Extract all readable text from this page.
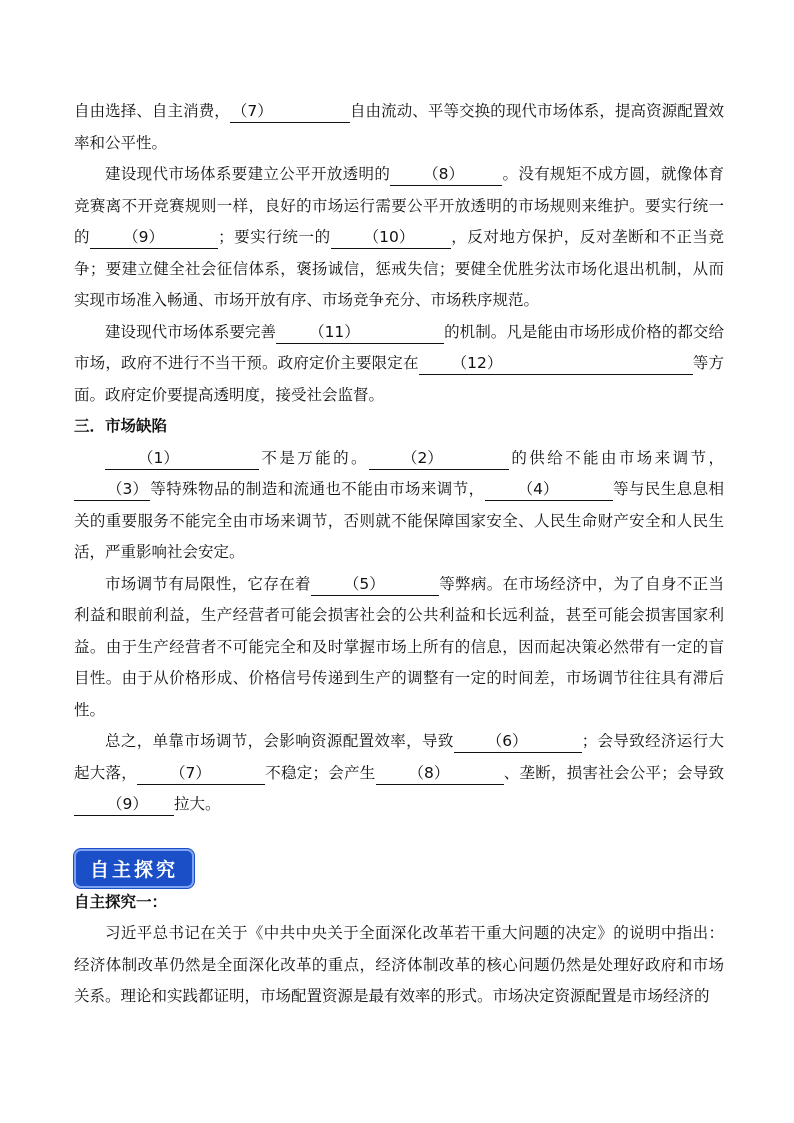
自由选择、自主消费， （7）	自由流动、平等交换的现代市场体系，提高资源配置效率和公平性。

建设现代市场体系要建立公平开放透明的 （8） 。没有规矩不成方圆，就像体育竞赛离不开竞赛规则一样，良好的市场运行需要公平开放透明的市场规则来维护。要实行统一的 （9）	；要实行统一的 （10） ，反对地方保护，反对垄断和不正当竞争；要建立健全社会征信体系，褒扬诚信，惩戒失信；要健全优胜劣汰市场化退出机制，从而实现市场准入畅通、市场开放有序、市场竞争充分、市场秩序规范。

建设现代市场体系要完善 （11）	的机制。凡是能由市场形成价格的都交给市场，政府不进行不当干预。政府定价主要限定在 （12）	等方面。政府定价要提高透明度，接受社会监督。

三．市场缺陷

（1）	不是万能的。 （2）	的供给不能由市场来调节，（3） 等特殊物品的制造和流通也不能由市场来调节， （4）	等与民生息息相关的重要服务不能完全由市场来调节，否则就不能保障国家安全、人民生命财产安全和人民生活，严重影响社会安定。

市场调节有局限性，它存在着 （5）	等弊病。在市场经济中，为了自身不正当利益和眼前利益，生产经营者可能会损害社会的公共利益和长远利益，甚至可能会损害国家利益。由于生产经营者不可能完全和及时掌握市场上所有的信息，因而起决策必然带有一定的盲目性。由于从价格形成、价格信号传递到生产的调整有一定的时间差，市场调节往往具有滞后性。

总之，单靠市场调节，会影响资源配置效率，导致 （6）	；会导致经济运行大起大落， （7）	不稳定；会产生 （8）	、垄断，损害社会公平；会导致（9） 拉大。

自主探究

自主探究一：

习近平总书记在关于《中共中央关于全面深化改革若干重大问题的决定》的说明中指出：经济体制改革仍然是全面深化改革的重点，经济体制改革的核心问题仍然是处理好政府和市场关系。理论和实践都证明，市场配置资源是最有效率的形式。市场决定资源配置是市场经济的
